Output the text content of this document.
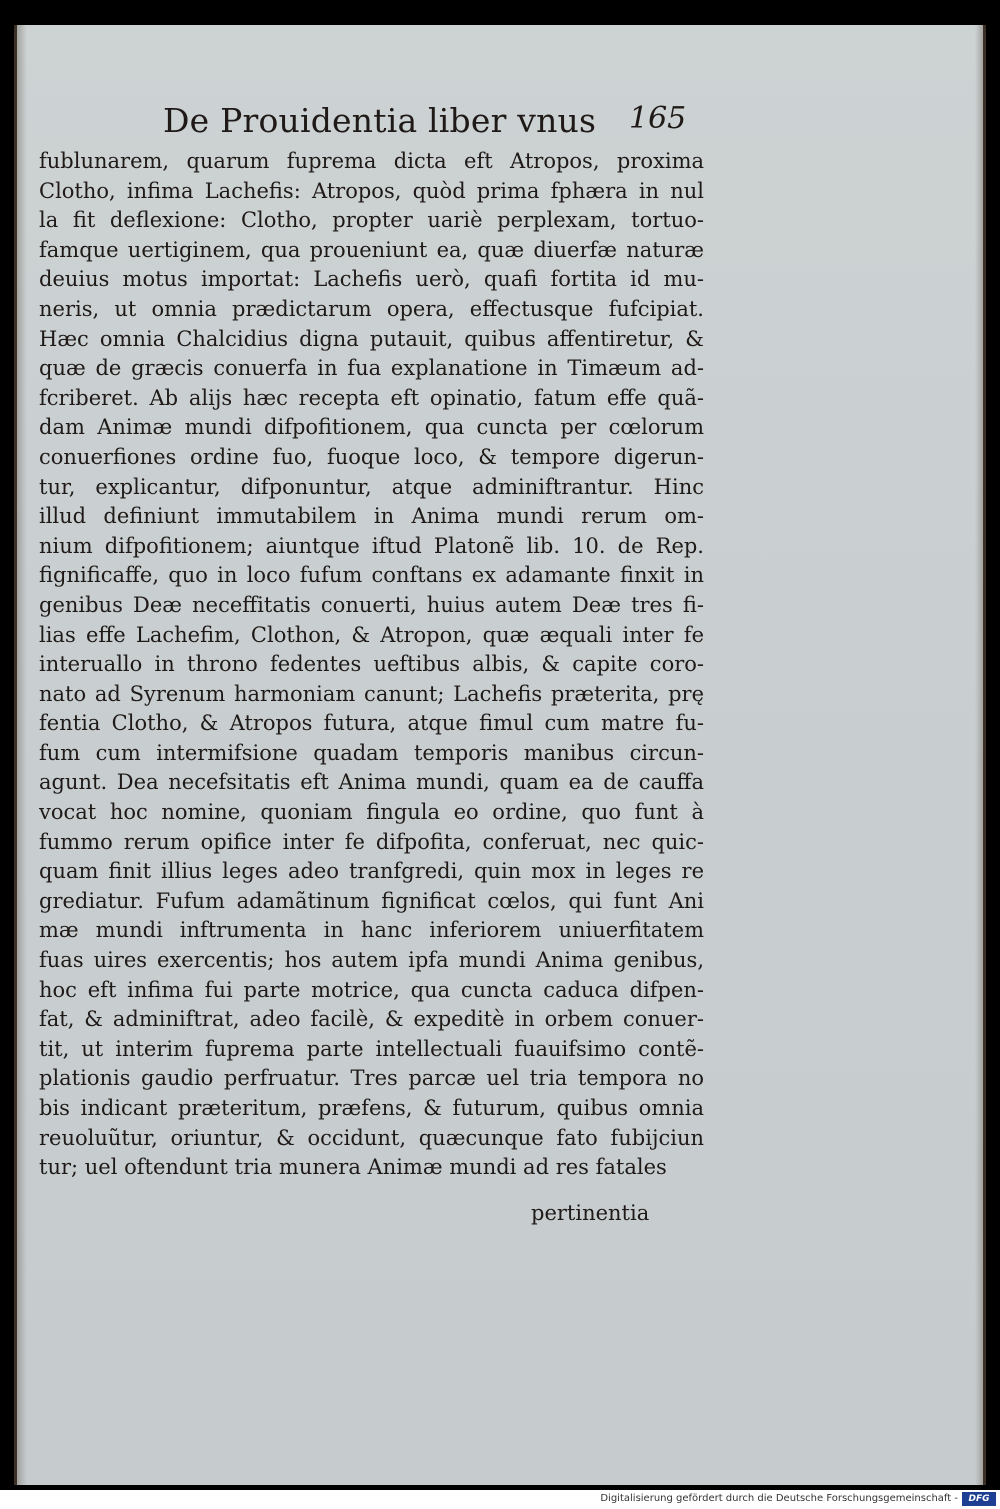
De Prouidentia liber vnus 165
fublunarem, quarum fuprema dicta eft Atropos, proxima
Clotho, infima Lachefis: Atropos, quòd prima fphæra in nul
la fit deflexione: Clotho, propter uariè perplexam, tortuo-
famque uertiginem, qua proueniunt ea, quæ diuerfæ naturæ
deuius motus importat: Lachefis uerò, quafi fortita id mu-
neris, ut omnia prædictarum opera, effectusque fufcipiat.
Hæc omnia Chalcidius digna putauit, quibus affentiretur, &
quæ de græcis conuerfa in fua explanatione in Timæum ad-
fcriberet. Ab alijs hæc recepta eft opinatio, fatum effe quã-
dam Animæ mundi difpofitionem, qua cuncta per cœlorum
conuerfiones ordine fuo, fuoque loco, & tempore digerun-
tur, explicantur, difponuntur, atque adminiftrantur. Hinc
illud definiunt immutabilem in Anima mundi rerum om-
nium difpofitionem; aiuntque iftud Platonẽ lib. 10. de Rep.
fignificaffe, quo in loco fufum conftans ex adamante finxit in
genibus Deæ neceffitatis conuerti, huius autem Deæ tres fi-
lias effe Lachefim, Clothon, & Atropon, quæ æquali inter fe
interuallo in throno fedentes ueftibus albis, & capite coro-
nato ad Syrenum harmoniam canunt; Lachefis præterita, prę
fentia Clotho, & Atropos futura, atque fimul cum matre fu-
fum cum intermifsione quadam temporis manibus circun-
agunt. Dea necefsitatis eft Anima mundi, quam ea de cauffa
vocat hoc nomine, quoniam fingula eo ordine, quo funt à
fummo rerum opifice inter fe difpofita, conferuat, nec quic-
quam finit illius leges adeo tranfgredi, quin mox in leges re
grediatur. Fufum adamãtinum fignificat cœlos, qui funt Ani
mæ mundi inftrumenta in hanc inferiorem uniuerfitatem
fuas uires exercentis; hos autem ipfa mundi Anima genibus,
hoc eft infima fui parte motrice, qua cuncta caduca difpen-
fat, & adminiftrat, adeo facilè, & expeditè in orbem conuer-
tit, ut interim fuprema parte intellectuali fuauifsimo contẽ-
plationis gaudio perfruatur. Tres parcæ uel tria tempora no
bis indicant præteritum, præfens, & futurum, quibus omnia
reuoluũtur, oriuntur, & occidunt, quæcunque fato fubijciun
tur; uel oftendunt tria munera Animæ mundi ad res fatales
pertinentia
Digitalisierung gefördert durch die Deutsche Forschungsgemeinschaft -	DFG
